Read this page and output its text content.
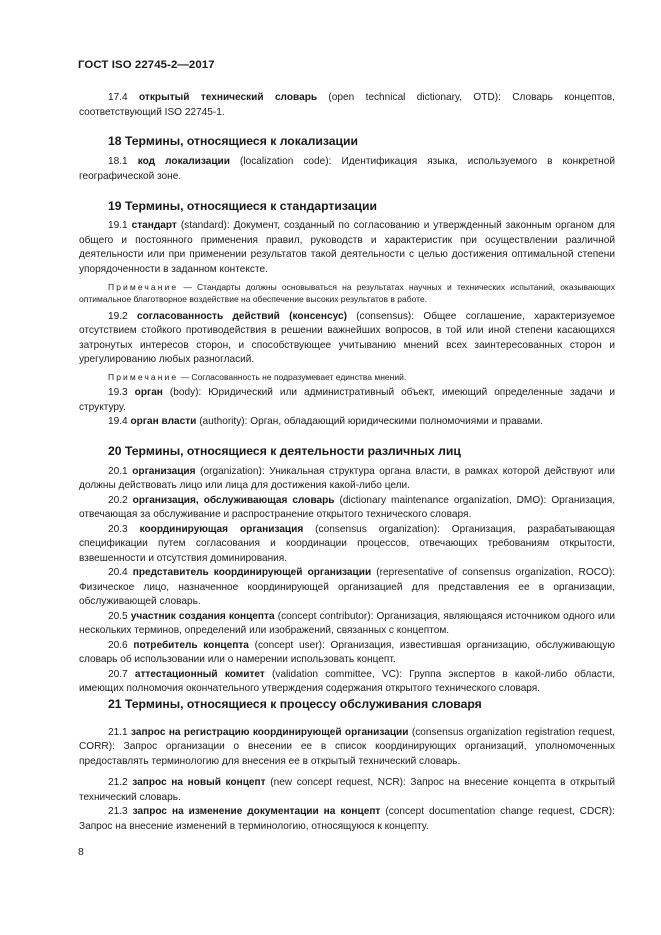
ГОСТ ISO 22745-2—2017

17.4 открытый технический словарь (open technical dictionary, OTD): Словарь концептов, соответствующий ISO 22745-1.

18 Термины, относящиеся к локализации

18.1 код локализации (localization code): Идентификация языка, используемого в конкретной географической зоне.

19 Термины, относящиеся к стандартизации

19.1 стандарт (standard): Документ, созданный по согласованию и утвержденный законным органом для общего и постоянного применения правил, руководств и характеристик при осуществлении различной деятельности или при применении результатов такой деятельности с целью достижения оптимальной степени упорядоченности в заданном контексте.

Примечание — Стандарты должны основываться на результатах научных и технических испытаний, оказывающих оптимальное благотворное воздействие на обеспечение высоких результатов в работе.

19.2 согласованность действий (консенсус) (consensus): Общее соглашение, характеризуемое отсутствием стойкого противодействия в решении важнейших вопросов, в той или иной степени касающихся затронутых интересов сторон, и способствующее учитыванию мнений всех заинтересованных сторон и урегулированию любых разногласий.

Примечание — Согласованность не подразумевает единства мнений.

19.3 орган (body): Юридический или административный объект, имеющий определенные задачи и структуру.

19.4 орган власти (authority): Орган, обладающий юридическими полномочиями и правами.

20 Термины, относящиеся к деятельности различных лиц

20.1 организация (organization): Уникальная структура органа власти, в рамках которой действуют или должны действовать лицо или лица для достижения какой-либо цели.

20.2 организация, обслуживающая словарь (dictionary maintenance organization, DMO): Организация, отвечающая за обслуживание и распространение открытого технического словаря.

20.3 координирующая организация (consensus organization): Организация, разрабатывающая спецификации путем согласования и координации процессов, отвечающих требованиям открытости, взвешенности и отсутствия доминирования.

20.4 представитель координирующей организации (representative of consensus organization, ROCO): Физическое лицо, назначенное координирующей организацией для представления ее в организации, обслуживающей словарь.

20.5 участник создания концепта (concept contributor): Организация, являющаяся источником одного или нескольких терминов, определений или изображений, связанных с концептом.

20.6 потребитель концепта (concept user): Организация, известившая организацию, обслуживающую словарь об использовании или о намерении использовать концепт.

20.7 аттестационный комитет (validation committee, VC): Группа экспертов в какой-либо области, имеющих полномочия окончательного утверждения содержания открытого технического словаря.

21 Термины, относящиеся к процессу обслуживания словаря

21.1 запрос на регистрацию координирующей организации (consensus organization registration request, CORR): Запрос организации о внесении ее в список координирующих организаций, уполномоченных предоставлять терминологию для внесения ее в открытый технический словарь.

21.2 запрос на новый концепт (new concept request, NCR): Запрос на внесение концепта в открытый технический словарь.

21.3 запрос на изменение документации на концепт (concept documentation change request, CDCR): Запрос на внесение изменений в терминологию, относящуюся к концепту.

8
